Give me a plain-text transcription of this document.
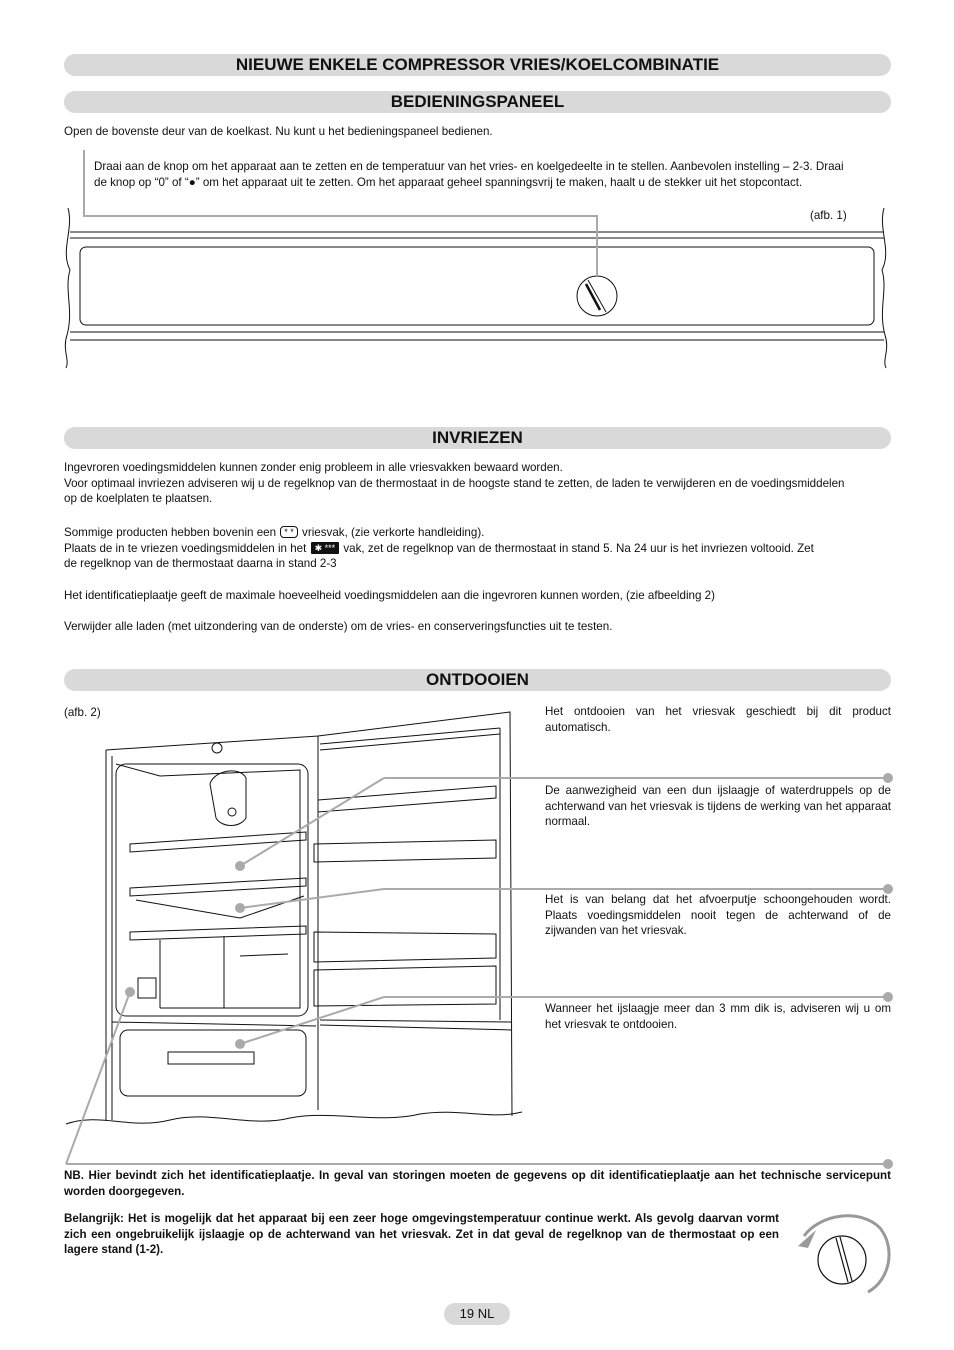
NIEUWE ENKELE COMPRESSOR VRIES/KOELCOMBINATIE
BEDIENINGSPANEEL
Open de bovenste deur van de koelkast. Nu kunt u het bedieningspaneel bedienen.
Draai aan de knop om het apparaat aan te zetten en de temperatuur van het vries- en koelgedeelte in te stellen. Aanbevolen instelling – 2-3. Draai
de knop op “0” of “●” om het apparaat uit te zetten. Om het apparaat geheel spanningsvrij te maken, haalt u de stekker uit het stopcontact.
(afb. 1)
INVRIEZEN
Ingevroren voedingsmiddelen kunnen zonder enig probleem in alle vriesvakken bewaard worden.
Voor optimaal invriezen adviseren wij u de regelknop van de thermostaat in de hoogste stand te zetten, de laden te verwijderen en de voedingsmiddelen
op de koelplaten te plaatsen.
Sommige producten hebben bovenin een * * vriesvak, (zie verkorte handleiding).
Plaats de in te vriezen voedingsmiddelen in het ✱ *** vak, zet de regelknop van de thermostaat in stand 5. Na 24 uur is het invriezen voltooid. Zet
de regelknop van de thermostaat daarna in stand 2-3
Het identificatieplaatje geeft de maximale hoeveelheid voedingsmiddelen aan die ingevroren kunnen worden, (zie afbeelding 2)
Verwijder alle laden (met uitzondering van de onderste) om de vries- en conserveringsfuncties uit te testen.
ONTDOOIEN
(afb. 2)	Het ontdooien van het vriesvak geschiedt bij dit product automatisch.
De aanwezigheid van een dun ijslaagje of waterdruppels op de achterwand van het vriesvak is tijdens de werking van het apparaat normaal.
Het is van belang dat het afvoerputje schoongehouden wordt. Plaats voedingsmiddelen nooit tegen de achterwand of de zijwanden van het vriesvak.
Wanneer het ijslaagje meer dan 3 mm dik is, adviseren wij u om het vriesvak te ontdooien.
NB. Hier bevindt zich het identificatieplaatje. In geval van storingen moeten de gegevens op dit identificatieplaatje aan het technische servicepunt worden doorgegeven.
Belangrijk: Het is mogelijk dat het apparaat bij een zeer hoge omgevingstemperatuur continue werkt. Als gevolg daarvan vormt zich een ongebruikelijk ijslaagje op de achterwand van het vriesvak. Zet in dat geval de regelknop van de thermostaat op een lagere stand (1-2).
19 NL
